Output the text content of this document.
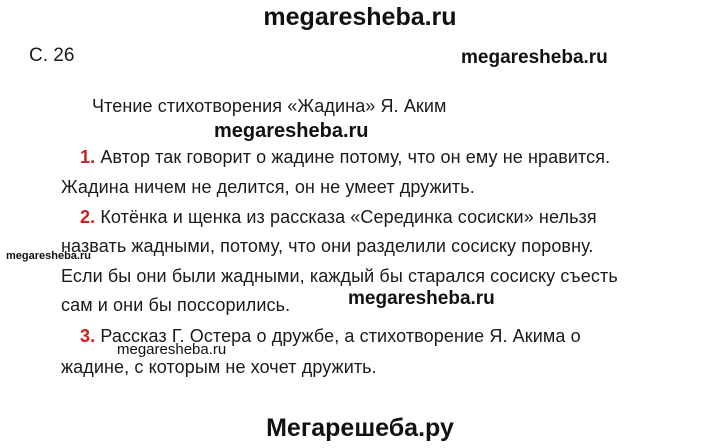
megaresheba.ru
megaresheba.ru
megaresheba.ru
megaresheba.ru
megaresheba.ru
megaresheba.ru
Мегарешеба.ру
С. 26
Чтение стихотворения «Жадина» Я. Аким
1. Автор так говорит о жадине потому, что он ему не нравится.
Жадина ничем не делится, он не умеет дружить.
2. Котёнка и щенка из рассказа «Серединка сосиски» нельзя
назвать жадными, потому, что они разделили сосиску поровну.
Если бы они были жадными, каждый бы старался сосиску съесть
сам и они бы поссорились.
3. Рассказ Г. Остера о дружбе, а стихотворение Я. Акима о
жадине, с которым не хочет дружить.
